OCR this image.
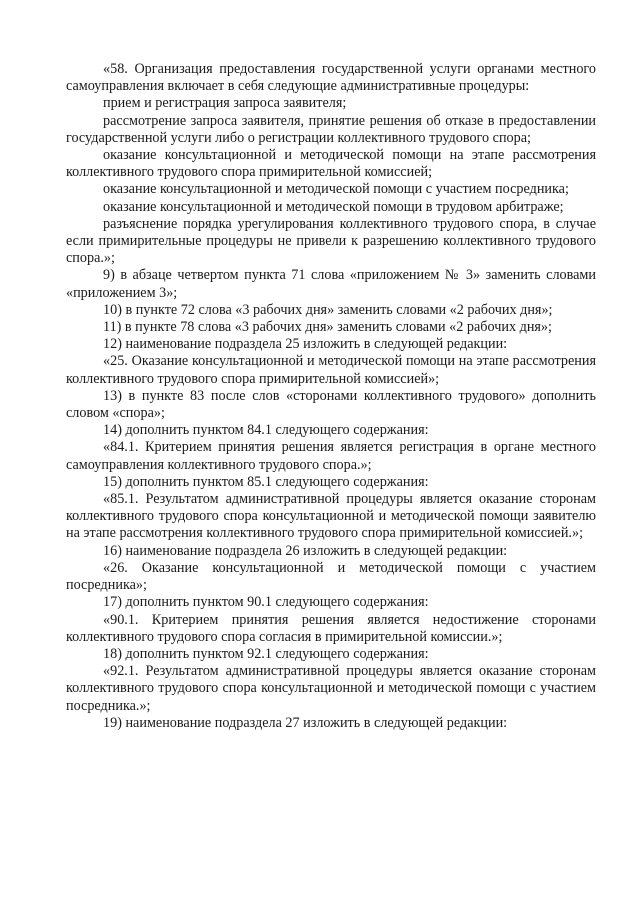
«58. Организация предоставления государственной услуги органами местного самоуправления включает в себя следующие административные процедуры:

прием и регистрация запроса заявителя;

рассмотрение запроса заявителя, принятие решения об отказе в предоставлении государственной услуги либо о регистрации коллективного трудового спора;

оказание консультационной и методической помощи на этапе рассмотрения коллективного трудового спора примирительной комиссией;

оказание консультационной и методической помощи с участием посредника;

оказание консультационной и методической помощи в трудовом арбитраже;

разъяснение порядка урегулирования коллективного трудового спора, в случае если примирительные процедуры не привели к разрешению коллективного трудового спора.»;

9) в абзаце четвертом пункта 71 слова «приложением № 3» заменить словами «приложением 3»;

10) в пункте 72 слова «3 рабочих дня» заменить словами «2 рабочих дня»;

11) в пункте 78 слова «3 рабочих дня» заменить словами «2 рабочих дня»;

12) наименование подраздела 25 изложить в следующей редакции:

«25. Оказание консультационной и методической помощи на этапе рассмотрения коллективного трудового спора примирительной комиссией»;

13) в пункте 83 после слов «сторонами коллективного трудового» дополнить словом «спора»;

14) дополнить пунктом 84.1 следующего содержания:

«84.1. Критерием принятия решения является регистрация в органе местного самоуправления коллективного трудового спора.»;

15) дополнить пунктом 85.1 следующего содержания:

«85.1. Результатом административной процедуры является оказание сторонам коллективного трудового спора консультационной и методической помощи заявителю на этапе рассмотрения коллективного трудового спора примирительной комиссией.»;

16) наименование подраздела 26 изложить в следующей редакции:

«26. Оказание консультационной и методической помощи с участием посредника»;

17) дополнить пунктом 90.1 следующего содержания:

«90.1. Критерием принятия решения является недостижение сторонами коллективного трудового спора согласия в примирительной комиссии.»;

18) дополнить пунктом 92.1 следующего содержания:

«92.1. Результатом административной процедуры является оказание сторонам коллективного трудового спора консультационной и методической помощи с участием посредника.»;

19) наименование подраздела 27 изложить в следующей редакции:
